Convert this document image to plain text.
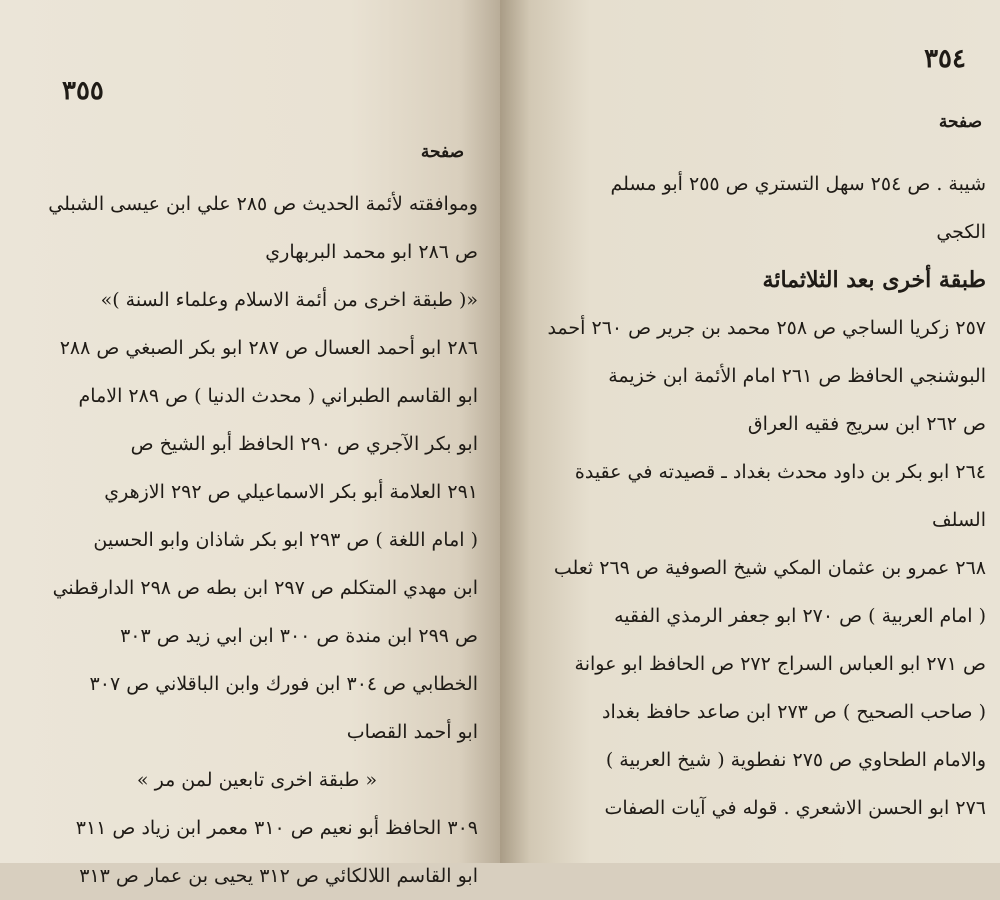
٣٥٥
صفحة
وموافقته لأئمة الحديث ص ٢٨٥ علي ابن عيسى الشبلي
ص ٢٨٦ ابو محمد البربهاري
«( طبقة اخرى من أئمة الاسلام وعلماء السنة )»
٢٨٦ ابو أحمد العسال ص ٢٨٧ ابو بكر الصبغي ص ٢٨٨
ابو القاسم الطبراني ( محدث الدنيا ) ص ٢٨٩ الامام
ابو بكر الآجري ص ٢٩٠ الحافظ أبو الشيخ ص
٢٩١ العلامة أبو بكر الاسماعيلي ص ٢٩٢ الازهري
( امام اللغة ) ص ٢٩٣ ابو بكر شاذان وابو الحسين
ابن مهدي المتكلم ص ٢٩٧ ابن بطه ص ٢٩٨ الدارقطني
ص ٢٩٩ ابن مندة ص ٣٠٠ ابن ابي زيد ص ٣٠٣
الخطابي ص ٣٠٤ ابن فورك وابن الباقلاني ص ٣٠٧
ابو أحمد القصاب
« طبقة اخرى تابعين لمن مر »
٣٠٩ الحافظ أبو نعيم ص ٣١٠ معمر ابن زياد ص ٣١١
ابو القاسم اللالكائي ص ٣١٢ يحيى بن عمار ص ٣١٣
٣٥٤
صفحة
شيبة . ص ٢٥٤ سهل التستري ص ٢٥٥ أبو مسلم
الكجي
طبقة أخرى بعد الثلاثمائة
٢٥٧ زكريا الساجي ص ٢٥٨ محمد بن جرير ص ٢٦٠ أحمد
البوشنجي الحافظ ص ٢٦١ امام الأئمة ابن خزيمة
ص ٢٦٢ ابن سريج فقيه العراق
٢٦٤ ابو بكر بن داود محدث بغداد ـ قصيدته في عقيدة
السلف
٢٦٨ عمرو بن عثمان المكي شيخ الصوفية ص ٢٦٩ ثعلب
( امام العربية ) ص ٢٧٠ ابو جعفر الرمذي الفقيه
ص ٢٧١ ابو العباس السراج ٢٧٢ ص الحافظ ابو عوانة
( صاحب الصحيح ) ص ٢٧٣ ابن صاعد حافظ بغداد
والامام الطحاوي ص ٢٧٥ نفطوية ( شيخ العربية )
٢٧٦ ابو الحسن الاشعري . قوله في آيات الصفات
